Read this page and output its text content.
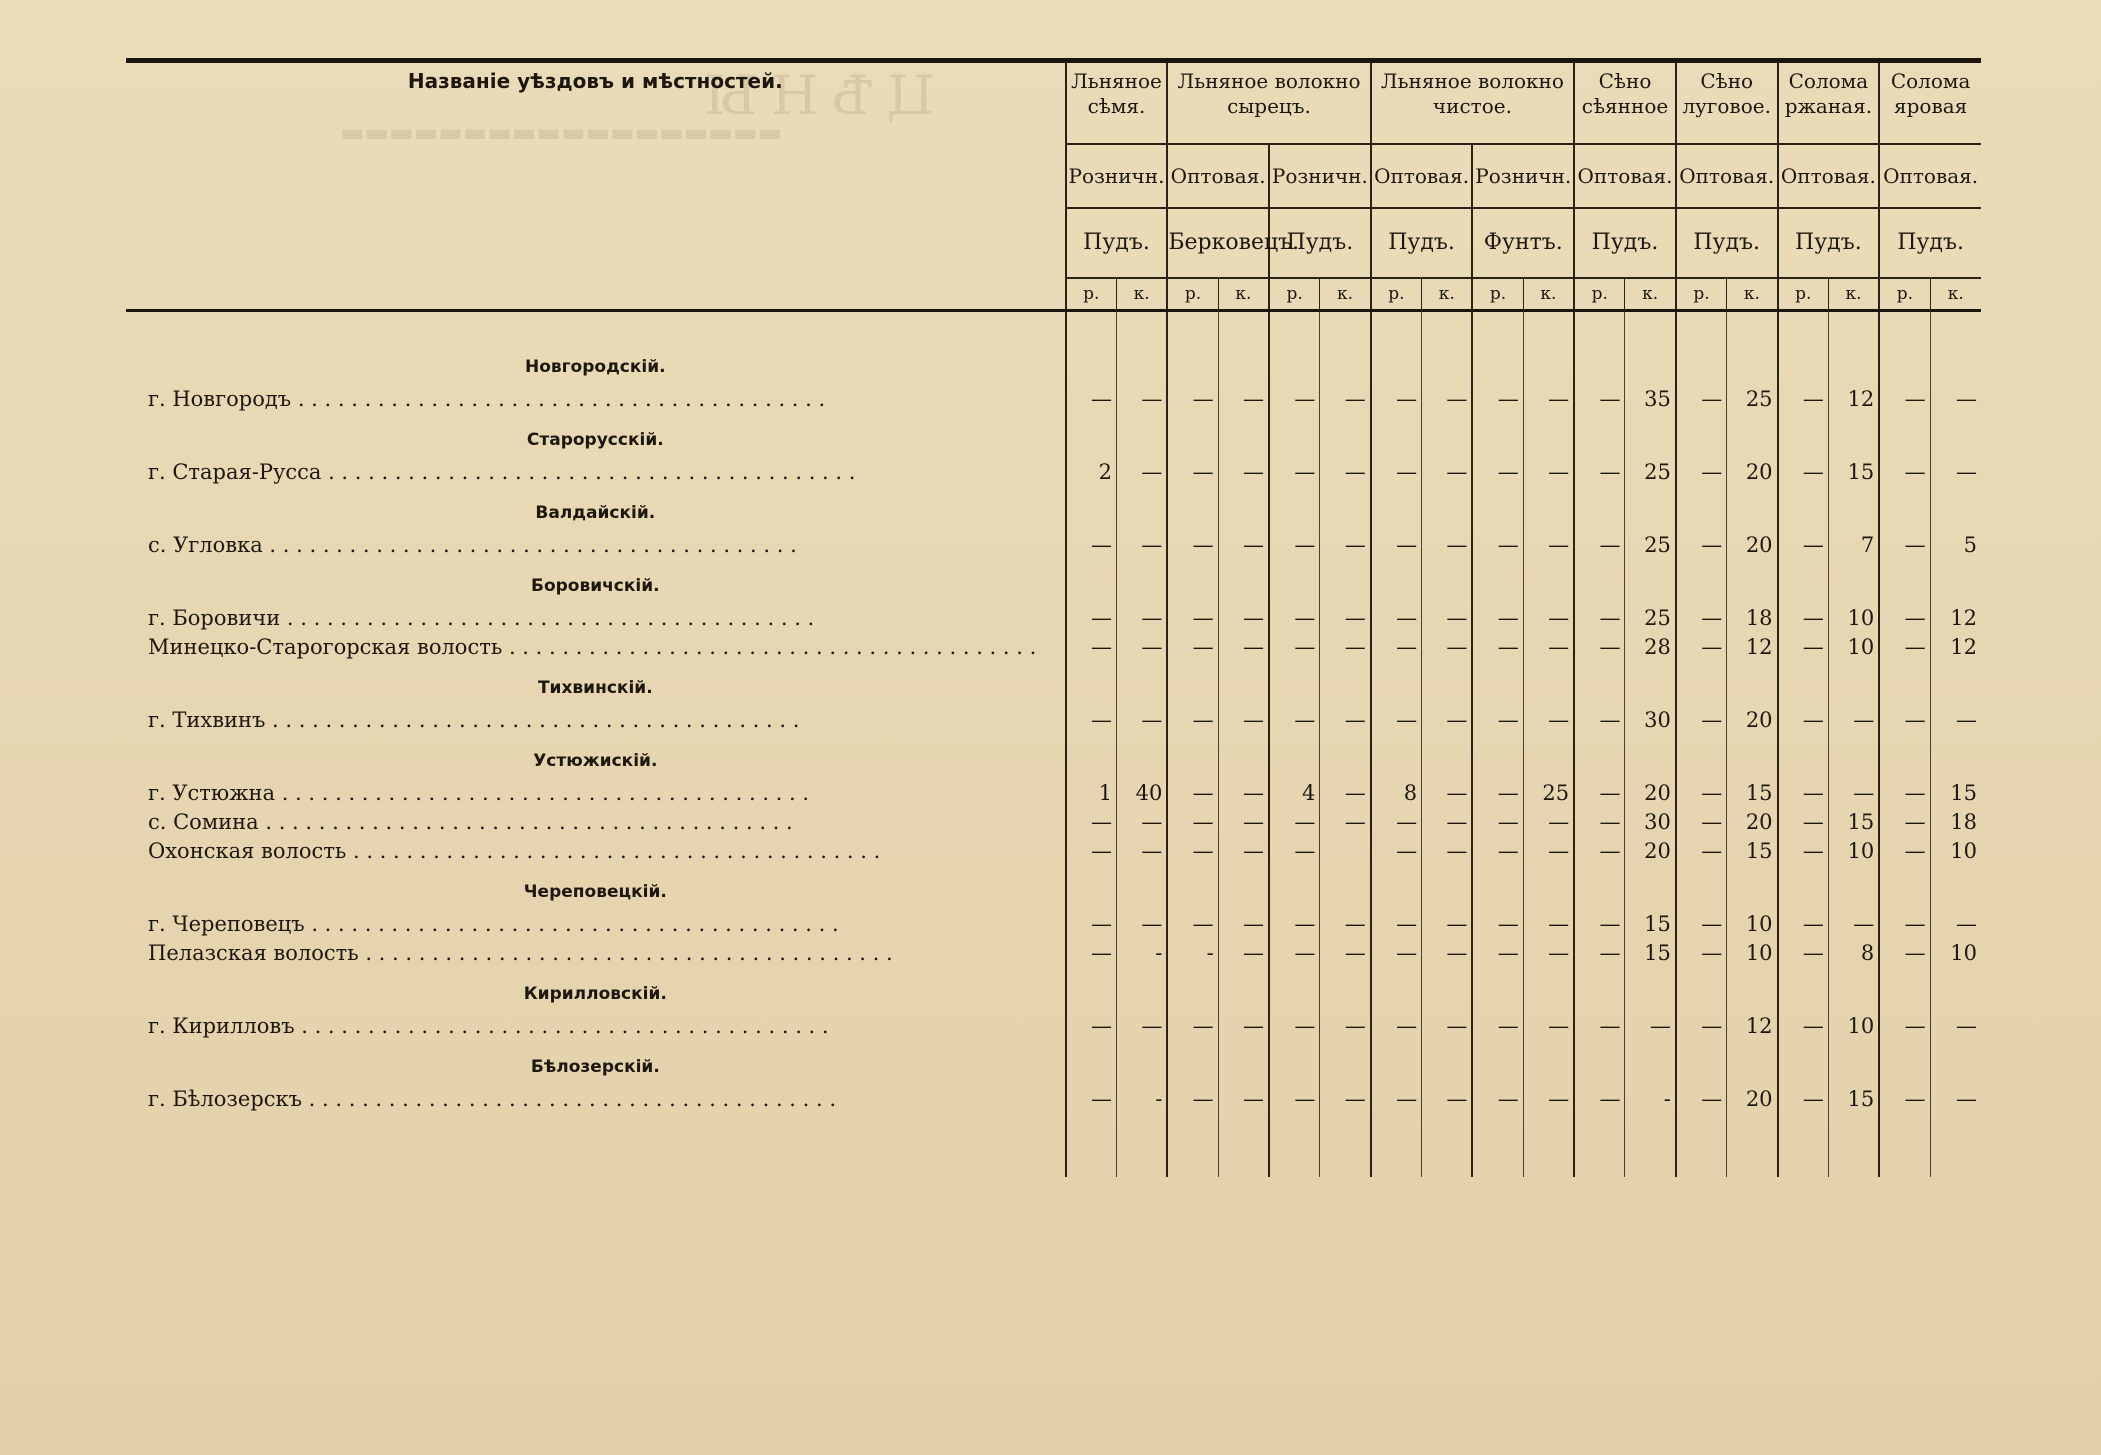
ЦѢНЫ
▬▬▬▬▬▬▬▬▬▬▬▬▬▬▬▬▬▬
Названіе уѣздовъ и мѣстностей.	Льняное сѣмя.		Льняное волокно сырецъ.				Льняное волокно чистое.				Сѣно сѣянное		Сѣно луговое.		Солома ржаная.		Солома яровая	
	Розничн.		Оптовая.		Розничн.		Оптовая.		Розничн.		Оптовая.		Оптовая.		Оптовая.		Оптовая.	
	Пудъ.		Берковецъ.		Пудъ.		Пудъ.		Фунтъ.		Пудъ.		Пудъ.		Пудъ.		Пудъ.	
	р.	к.	р.	к.	р.	к.	р.	к.	р.	к.	р.	к.	р.	к.	р.	к.	р.	к.

Новгородскій.																		
г. Новгородъ . . . . . . . . . . . . . . . . . . . . . . . . . . . . . . . . . . . . . . . .	—	—	—	—	—	—	—	—	—	—	—	35	—	25	—	12	—	—

Старорусскій.																		
г. Старая-Русса . . . . . . . . . . . . . . . . . . . . . . . . . . . . . . . . . . . . . . . .	2	—	—	—	—	—	—	—	—	—	—	25	—	20	—	15	—	—

Валдайскій.																		
с. Угловка . . . . . . . . . . . . . . . . . . . . . . . . . . . . . . . . . . . . . . . .	—	—	—	—	—	—	—	—	—	—	—	25	—	20	—	7	—	5

Боровичскій.																		
г. Боровичи . . . . . . . . . . . . . . . . . . . . . . . . . . . . . . . . . . . . . . . .	—	—	—	—	—	—	—	—	—	—	—	25	—	18	—	10	—	12
Минецко-Старогорская волость . . . . . . . . . . . . . . . . . . . . . . . . . . . . . . . . . . . . . . . .	—	—	—	—	—	—	—	—	—	—	—	28	—	12	—	10	—	12

Тихвинскій.																		
г. Тихвинъ . . . . . . . . . . . . . . . . . . . . . . . . . . . . . . . . . . . . . . . .	—	—	—	—	—	—	—	—	—	—	—	30	—	20	—	—	—	—

Устюжискій.																		
г. Устюжна . . . . . . . . . . . . . . . . . . . . . . . . . . . . . . . . . . . . . . . .	1	40	—	—	4	—	8	—	—	25	—	20	—	15	—	—	—	15
с. Сомина . . . . . . . . . . . . . . . . . . . . . . . . . . . . . . . . . . . . . . . .	—	—	—	—	—	—	—	—	—	—	—	30	—	20	—	15	—	18
Охонская волость . . . . . . . . . . . . . . . . . . . . . . . . . . . . . . . . . . . . . . . .	—	—	—	—	—		—	—	—	—	—	20	—	15	—	10	—	10

Череповецкій.																		
г. Череповецъ . . . . . . . . . . . . . . . . . . . . . . . . . . . . . . . . . . . . . . . .	—	—	—	—	—	—	—	—	—	—	—	15	—	10	—	—	—	—
Пелазская волость . . . . . . . . . . . . . . . . . . . . . . . . . . . . . . . . . . . . . . . .	—	-	-	—	—	—	—	—	—	—	—	15	—	10	—	8	—	10

Кирилловскій.																		
г. Кирилловъ . . . . . . . . . . . . . . . . . . . . . . . . . . . . . . . . . . . . . . . .	—	—	—	—	—	—	—	—	—	—	—	—	—	12	—	10	—	—

Бѣлозерскій.																		
г. Бѣлозерскъ . . . . . . . . . . . . . . . . . . . . . . . . . . . . . . . . . . . . . . . .	—	-	—	—	—	—	—	—	—	—	—	-	—	20	—	15	—	—
